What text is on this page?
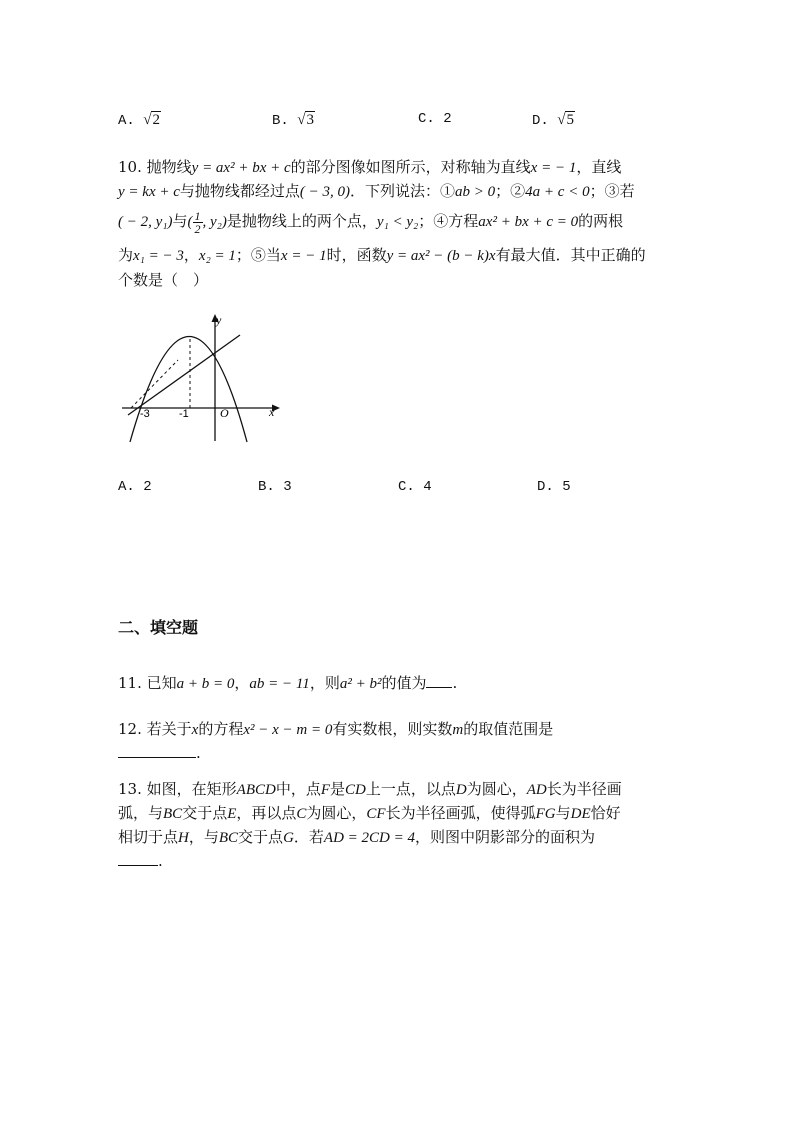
A. √2	B. √3	C. 2	D. √5
10. 抛物线y = ax² + bx + c的部分图像如图所示，对称轴为直线x = − 1，直线
y = kx + c与抛物线都经过点( − 3, 0)．下列说法：①ab > 0；②4a + c < 0；③若
( − 2, y₁)与( $\frac{1}{2}$ , y₂)是抛物线上的两个点，y₁ < y₂；④方程ax² + bx + c = 0的两根
为x₁ = − 3，x₂ = 1；⑤当x = − 1时，函数y = ax² − (b − k)x有最大值．其中正确的
个数是（　）
y
x
O
-3	-1
A. 2	B. 3	C. 4	D. 5
二、填空题
11. 已知a + b = 0，ab = − 11，则a² + b²的值为 .
12. 若关于x的方程x² − x − m = 0有实数根，则实数m的取值范围是
.
13. 如图，在矩形ABCD中，点F是CD上一点，以点D为圆心，AD长为半径画
弧，与BC交于点E，再以点C为圆心，CF长为半径画弧，使得弧FG与DE恰好
相切于点H，与BC交于点G．若AD = 2CD = 4，则图中阴影部分的面积为
.
